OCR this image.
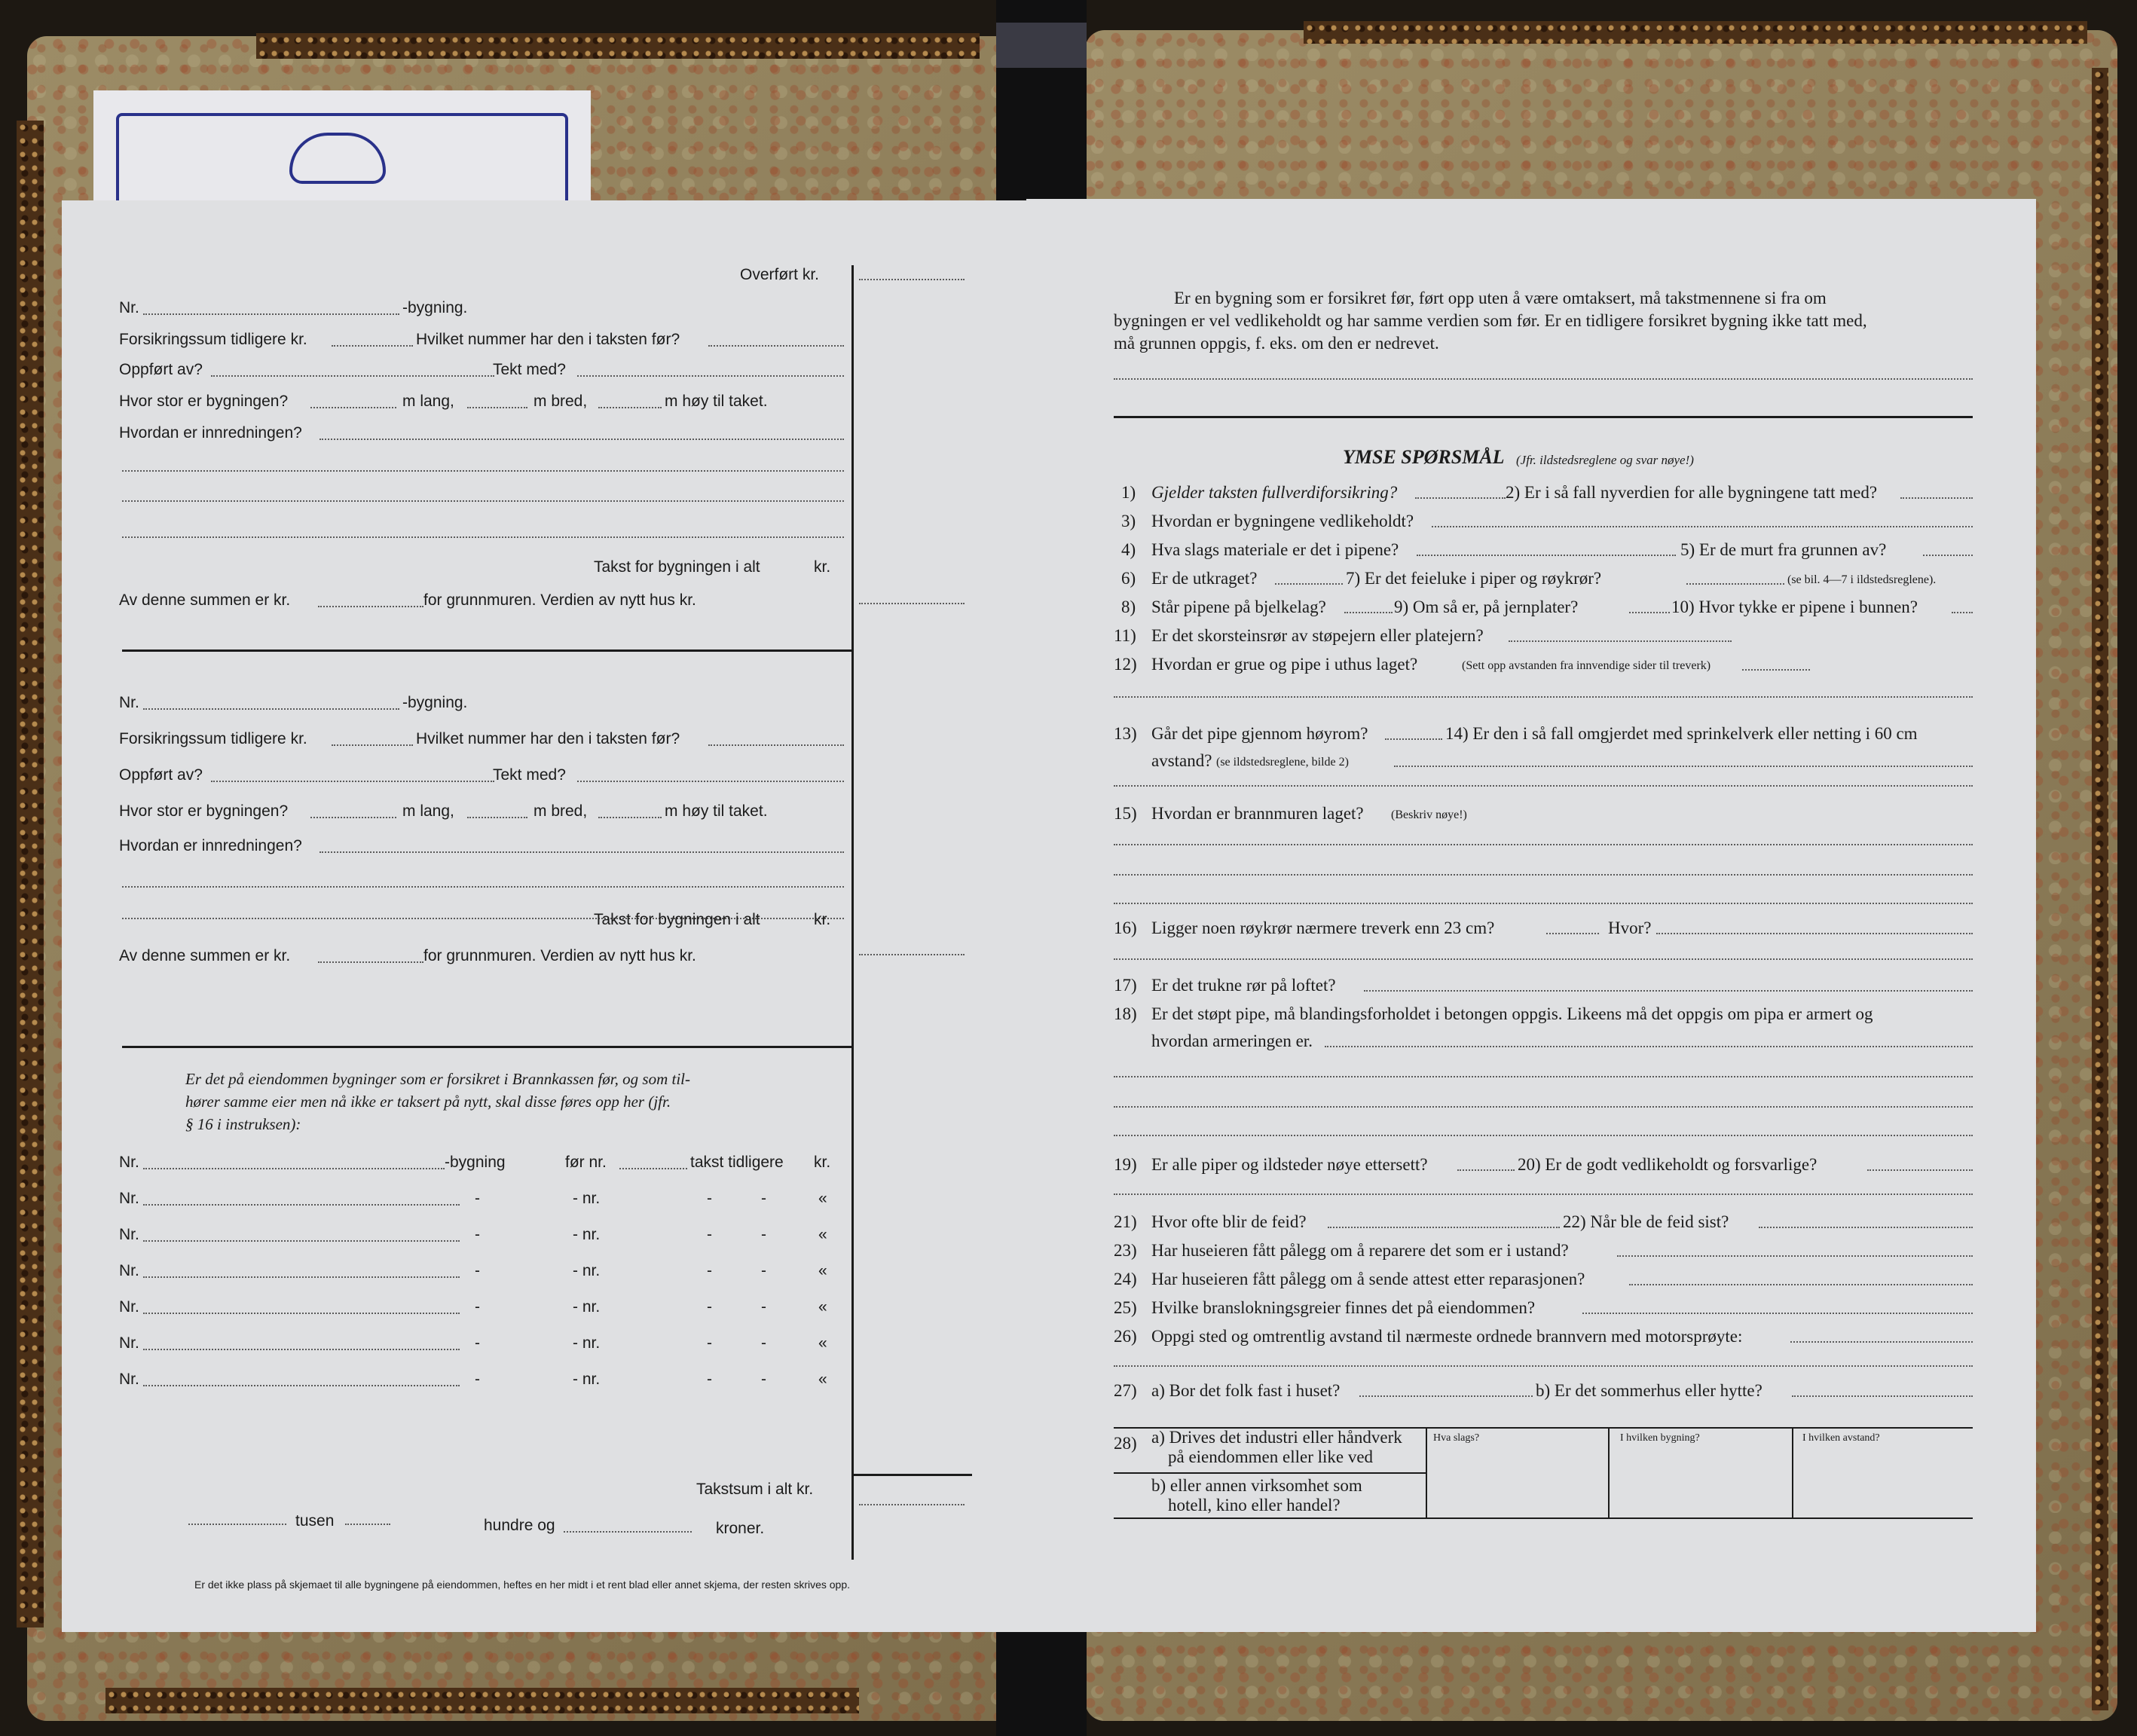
Overført kr.
Nr.	-bygning.
Forsikringssum tidligere kr.	Hvilket nummer har den i taksten før?
Oppført av?	Tekt med?
Hvor stor er bygningen?	m lang,	m bred,	m høy til taket.
Hvordan er innredningen?
Takst for bygningen i alt	kr.
Av denne summen er kr.	for grunnmuren. Verdien av nytt hus kr.
Nr.	-bygning.
Forsikringssum tidligere kr.	Hvilket nummer har den i taksten før?
Oppført av?	Tekt med?
Hvor stor er bygningen?	m lang,	m bred,	m høy til taket.
Hvordan er innredningen?
Takst for bygningen i alt	kr.
Av denne summen er kr.	for grunnmuren. Verdien av nytt hus kr.
Er det på eiendommen bygninger som er forsikret i Brannkassen før, og som til-
hører samme eier men nå ikke er taksert på nytt, skal disse føres opp her (jfr.
§ 16 i instruksen):
Nr.	-bygning	før nr.	takst tidligere kr.
Nr.	-	- nr.	-	-	«
Nr.	-	- nr.	-	-	«
Nr.	-	- nr.	-	-	«
Nr.	-	- nr.	-	-	«
Nr.	-	- nr.	-	-	«
Nr.	-	- nr.	-	-	«
Takstsum i alt kr.
tusen	hundre og	kroner.
Er det ikke plass på skjemaet til alle bygningene på eiendommen, heftes en her midt i et rent blad eller annet skjema, der resten skrives opp.
Er en bygning som er forsikret før, ført opp uten å være omtaksert, må takstmennene si fra om
bygningen er vel vedlikeholdt og har samme verdien som før. Er en tidligere forsikret bygning ikke tatt med,
må grunnen oppgis, f. eks. om den er nedrevet.
YMSE SPØRSMÅL (Jfr. ildstedsreglene og svar nøye!)
1) Gjelder taksten fullverdiforsikring?	2) Er i så fall nyverdien for alle bygningene tatt med?
3) Hvordan er bygningene vedlikeholdt?
4) Hva slags materiale er det i pipene?	5) Er de murt fra grunnen av?
6) Er de utkraget?	7) Er det feieluke i piper og røykrør?	(se bil. 4—7 i ildstedsreglene).
8) Står pipene på bjelkelag?	9) Om så er, på jernplater?	10) Hvor tykke er pipene i bunnen?
11) Er det skorsteinsrør av støpejern eller platejern?
12) Hvordan er grue og pipe i uthus laget?	(Sett opp avstanden fra innvendige sider til treverk)
13) Går det pipe gjennom høyrom?	14) Er den i så fall omgjerdet med sprinkelverk eller netting i 60 cm
avstand? (se ildstedsreglene, bilde 2)
15) Hvordan er brannmuren laget? (Beskriv nøye!)
16) Ligger noen røykrør nærmere treverk enn 23 cm?	Hvor?
17) Er det trukne rør på loftet?
18) Er det støpt pipe, må blandingsforholdet i betongen oppgis. Likeens må det oppgis om pipa er armert og
hvordan armeringen er.
19) Er alle piper og ildsteder nøye ettersett?	20) Er de godt vedlikeholdt og forsvarlige?
21) Hvor ofte blir de feid?	22) Når ble de feid sist?
23) Har huseieren fått pålegg om å reparere det som er i ustand?
24) Har huseieren fått pålegg om å sende attest etter reparasjonen?
25) Hvilke branslokningsgreier finnes det på eiendommen?
26) Oppgi sted og omtrentlig avstand til nærmeste ordnede brannvern med motorsprøyte:
27) a) Bor det folk fast i huset?	b) Er det sommerhus eller hytte?
28) a) Drives det industri eller håndverk
på eiendommen eller like ved
b) eller annen virksomhet som
hotell, kino eller handel?
Hva slags?	I hvilken bygning?	I hvilken avstand?
